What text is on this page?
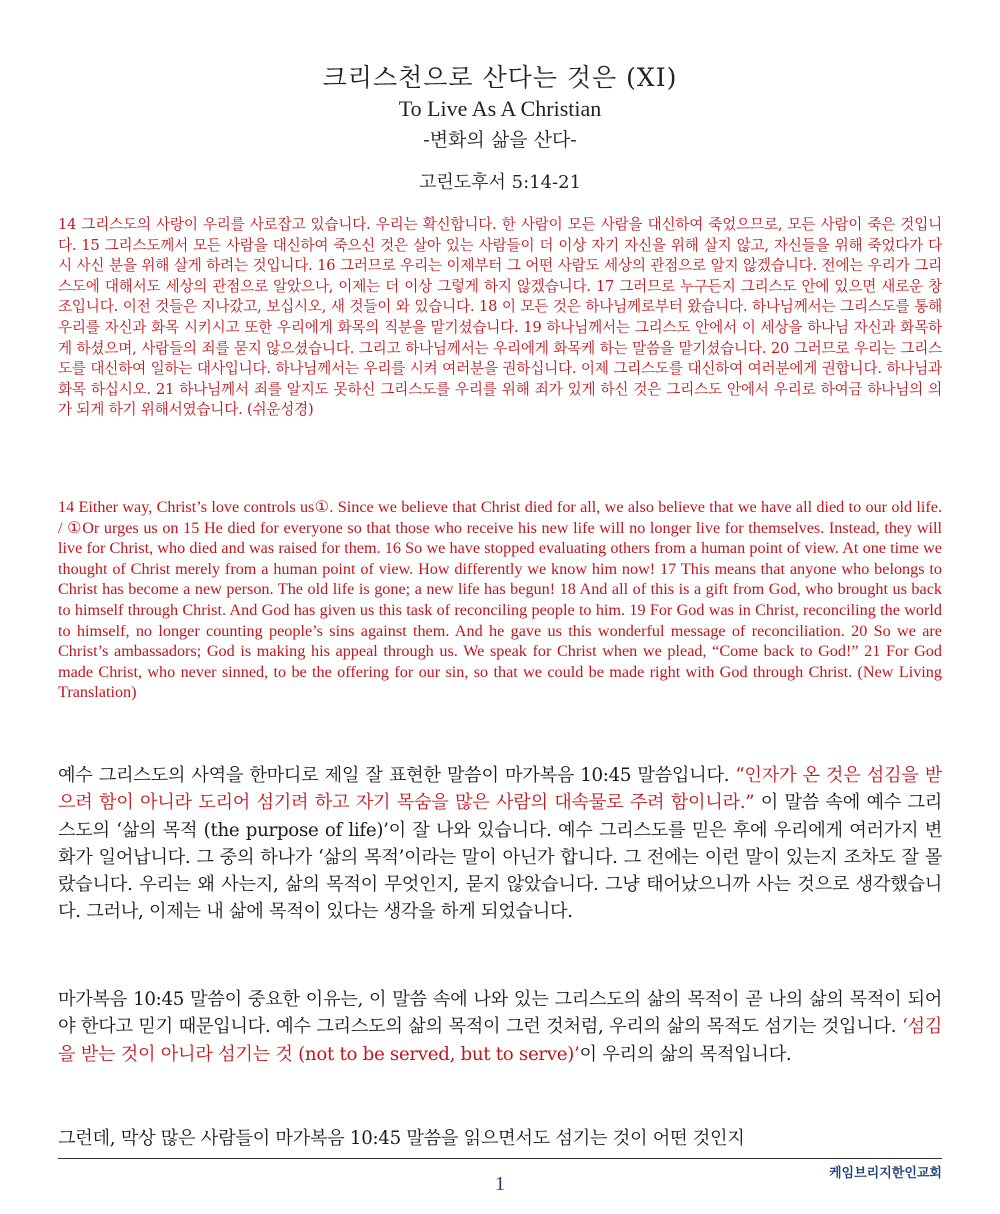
크리스천으로 산다는 것은 (XI)
To Live As A Christian
-변화의 삶을 산다-
고린도후서 5:14-21
14 그리스도의 사랑이 우리를 사로잡고 있습니다. 우리는 확신합니다. 한 사람이 모든 사람을 대신하여 죽었으므로, 모든 사람이 죽은 것입니다. 15 그리스도께서 모든 사람을 대신하여 죽으신 것은 살아 있는 사람들이 더 이상 자기 자신을 위해 살지 않고, 자신들을 위해 죽었다가 다시 사신 분을 위해 살게 하려는 것입니다. 16 그러므로 우리는 이제부터 그 어떤 사람도 세상의 관점으로 알지 않겠습니다. 전에는 우리가 그리스도에 대해서도 세상의 관점으로 알았으나, 이제는 더 이상 그렇게 하지 않겠습니다. 17 그러므로 누구든지 그리스도 안에 있으면 새로운 창조입니다. 이전 것들은 지나갔고, 보십시오, 새 것들이 와 있습니다. 18 이 모든 것은 하나님께로부터 왔습니다. 하나님께서는 그리스도를 통해 우리를 자신과 화목 시키시고 또한 우리에게 화목의 직분을 맡기셨습니다. 19 하나님께서는 그리스도 안에서 이 세상을 하나님 자신과 화목하게 하셨으며, 사람들의 죄를 묻지 않으셨습니다. 그리고 하나님께서는 우리에게 화목케 하는 말씀을 맡기셨습니다. 20 그러므로 우리는 그리스도를 대신하여 일하는 대사입니다. 하나님께서는 우리를 시켜 여러분을 권하십니다. 이제 그리스도를 대신하여 여러분에게 권합니다. 하나님과 화목 하십시오. 21 하나님께서 죄를 알지도 못하신 그리스도를 우리를 위해 죄가 있게 하신 것은 그리스도 안에서 우리로 하여금 하나님의 의가 되게 하기 위해서였습니다. (쉬운성경)
14 Either way, Christ’s love controls us①. Since we believe that Christ died for all, we also believe that we have all died to our old life. / ①Or urges us on 15 He died for everyone so that those who receive his new life will no longer live for themselves. Instead, they will live for Christ, who died and was raised for them. 16 So we have stopped evaluating others from a human point of view. At one time we thought of Christ merely from a human point of view. How differently we know him now! 17 This means that anyone who belongs to Christ has become a new person. The old life is gone; a new life has begun! 18 And all of this is a gift from God, who brought us back to himself through Christ. And God has given us this task of reconciling people to him. 19 For God was in Christ, reconciling the world to himself, no longer counting people’s sins against them. And he gave us this wonderful message of reconciliation. 20 So we are Christ’s ambassadors; God is making his appeal through us. We speak for Christ when we plead, “Come back to God!” 21 For God made Christ, who never sinned, to be the offering for our sin, so that we could be made right with God through Christ. (New Living Translation)
예수 그리스도의 사역을 한마디로 제일 잘 표현한 말씀이 마가복음 10:45 말씀입니다. “인자가 온 것은 섬김을 받으려 함이 아니라 도리어 섬기려 하고 자기 목숨을 많은 사람의 대속물로 주려 함이니라.” 이 말씀 속에 예수 그리스도의 ‘삶의 목적 (the purpose of life)’이 잘 나와 있습니다. 예수 그리스도를 믿은 후에 우리에게 여러가지 변화가 일어납니다. 그 중의 하나가 ‘삶의 목적’이라는 말이 아닌가 합니다. 그 전에는 이런 말이 있는지 조차도 잘 몰랐습니다. 우리는 왜 사는지, 삶의 목적이 무엇인지, 묻지 않았습니다. 그냥 태어났으니까 사는 것으로 생각했습니다. 그러나, 이제는 내 삶에 목적이 있다는 생각을 하게 되었습니다.
마가복음 10:45 말씀이 중요한 이유는, 이 말씀 속에 나와 있는 그리스도의 삶의 목적이 곧 나의 삶의 목적이 되어야 한다고 믿기 때문입니다. 예수 그리스도의 삶의 목적이 그런 것처럼, 우리의 삶의 목적도 섬기는 것입니다. ‘섬김을 받는 것이 아니라 섬기는 것 (not to be served, but to serve)’이 우리의 삶의 목적입니다.
그런데, 막상 많은 사람들이 마가복음 10:45 말씀을 읽으면서도 섬기는 것이 어떤 것인지
케임브리지한인교회
1
